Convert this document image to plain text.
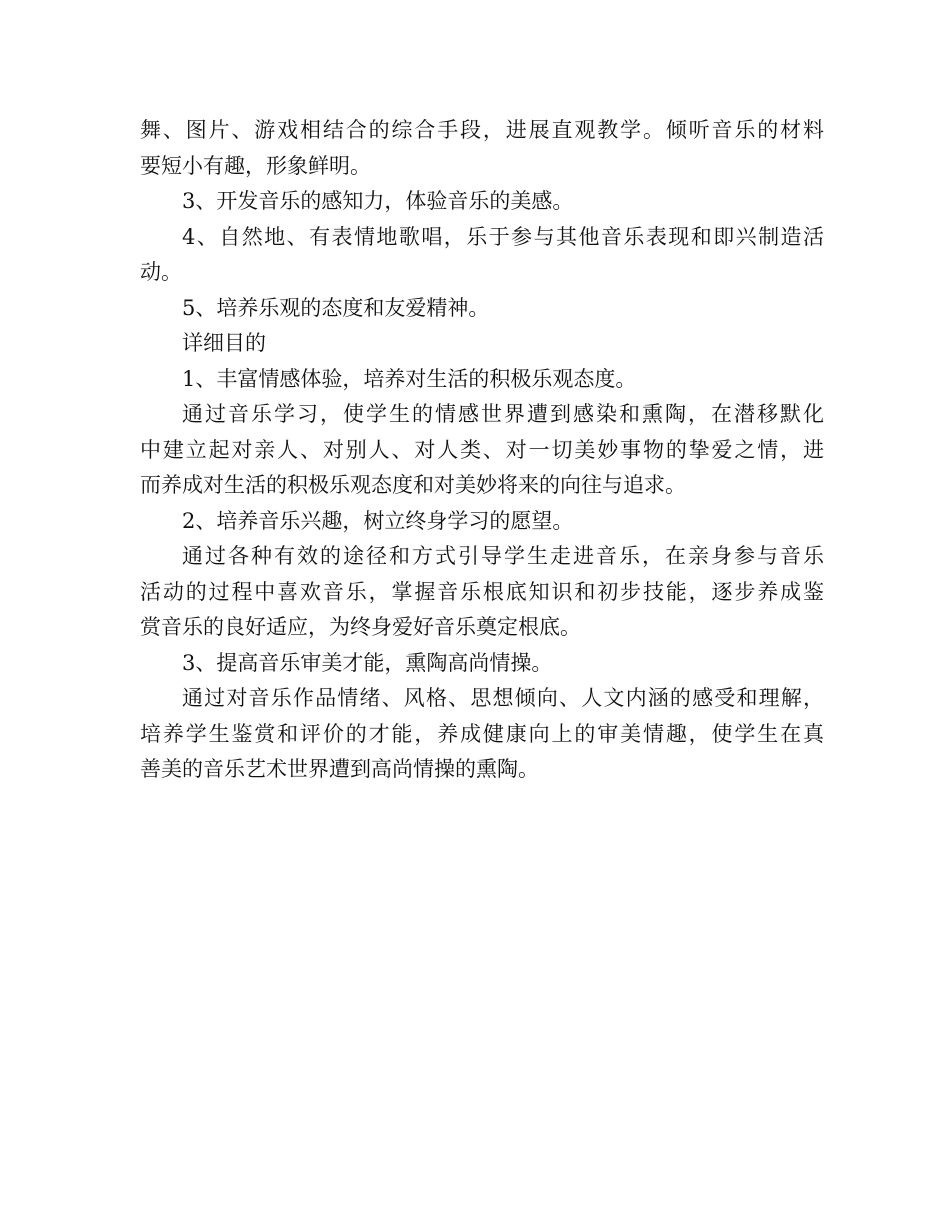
舞、图片、游戏相结合的综合手段，进展直观教学。倾听音乐的材料
要短小有趣，形象鲜明。
3、开发音乐的感知力，体验音乐的美感。
4、自然地、有表情地歌唱，乐于参与其他音乐表现和即兴制造活
动。
5、培养乐观的态度和友爱精神。
详细目的
1、丰富情感体验，培养对生活的积极乐观态度。
通过音乐学习，使学生的情感世界遭到感染和熏陶，在潜移默化
中建立起对亲人、对别人、对人类、对一切美妙事物的挚爱之情，进
而养成对生活的积极乐观态度和对美妙将来的向往与追求。
2、培养音乐兴趣，树立终身学习的愿望。
通过各种有效的途径和方式引导学生走进音乐，在亲身参与音乐
活动的过程中喜欢音乐，掌握音乐根底知识和初步技能，逐步养成鉴
赏音乐的良好适应，为终身爱好音乐奠定根底。
3、提高音乐审美才能，熏陶高尚情操。
通过对音乐作品情绪、风格、思想倾向、人文内涵的感受和理解，
培养学生鉴赏和评价的才能，养成健康向上的审美情趣，使学生在真
善美的音乐艺术世界遭到高尚情操的熏陶。
